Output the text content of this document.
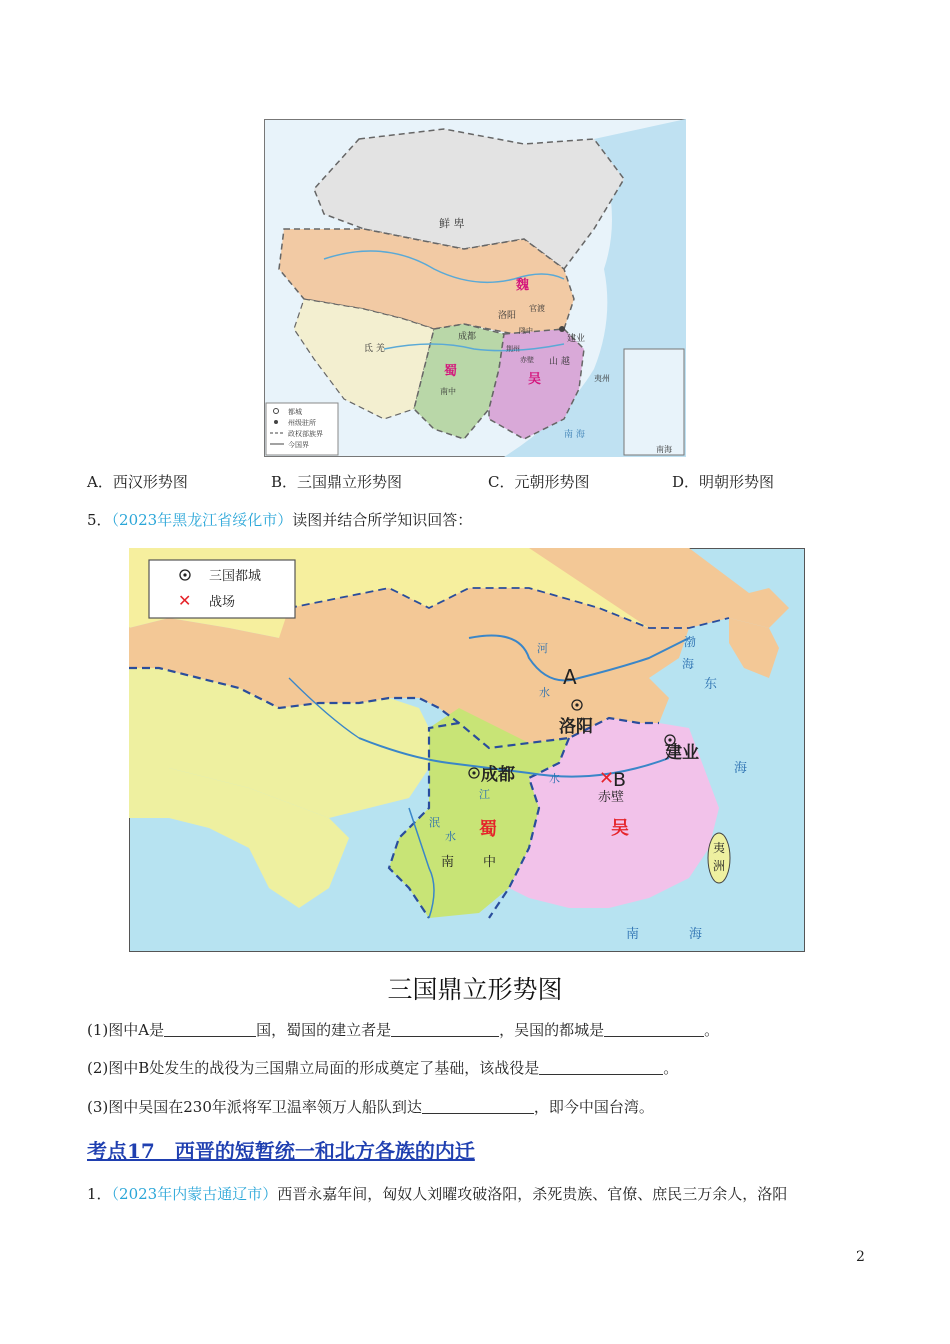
都城
州级驻所
政权部族界
今国界
鲜 卑
魏
官渡
洛阳
隆中
成都	建业
荆州
赤壁 山 越
蜀
吴
氐 羌
南中
夷州
南 海
南海
A．西汉形势图	B．三国鼎立形势图	C．元朝形势图	D．明朝形势图
5．（2023年黑龙江省绥化市）读图并结合所学知识回答：
三国都城
✕ 战场
✕
A
洛阳
成都
建业
B
赤壁
蜀	吴
南 中
夷
洲
河
水
江
水
泯
水
渤
海
东
海
南	海
三国鼎立形势图
(1)图中A是	国，蜀国的建立者是	，吴国的都城是	。
(2)图中B处发生的战役为三国鼎立局面的形成奠定了基础，该战役是	。
(3)图中吴国在230年派将军卫温率领万人船队到达	，即今中国台湾。
考点17　西晋的短暂统一和北方各族的内迁
1．（2023年内蒙古通辽市）西晋永嘉年间，匈奴人刘曜攻破洛阳，杀死贵族、官僚、庶民三万余人，洛阳
2
